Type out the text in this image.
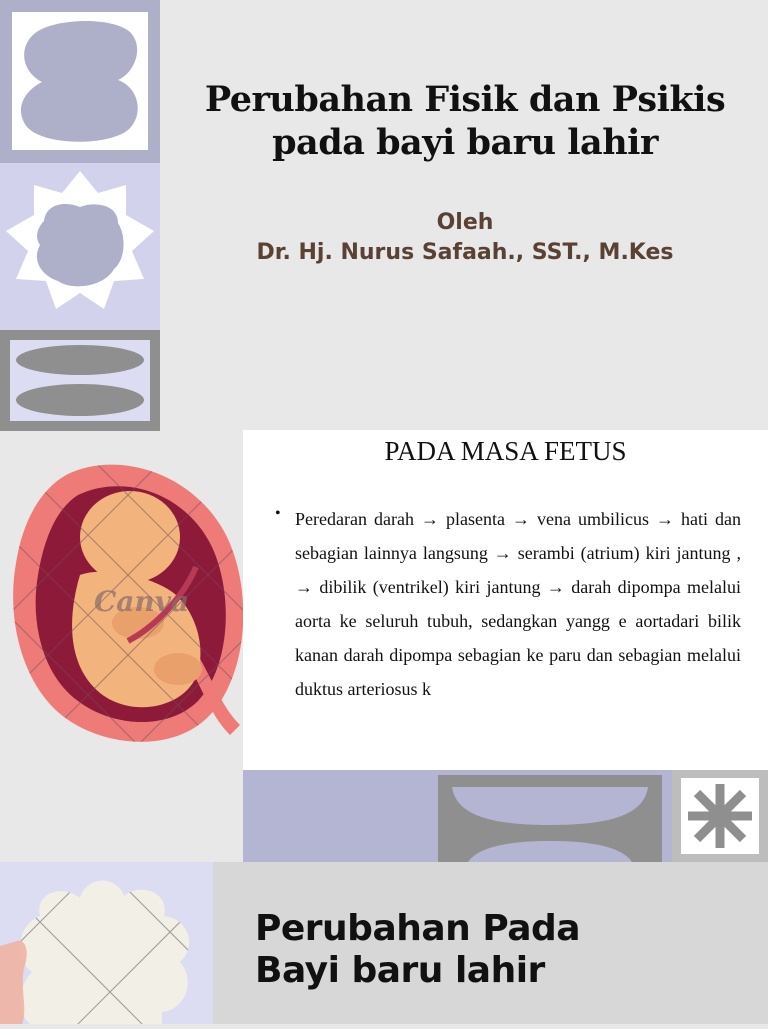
Perubahan Fisik dan Psikis
pada bayi baru lahir
Oleh
Dr. Hj. Nurus Safaah., SST., M.Kes
Canva
PADA MASA FETUS
• Peredaran darah → plasenta → vena umbilicus → hati dan sebagian lainnya langsung → serambi (atrium) kiri jantung , → dibilik (ventrikel) kiri jantung → darah dipompa melalui aorta ke seluruh tubuh, sedangkan yangg e aortadari bilik kanan darah dipompa sebagian ke paru dan sebagian melalui duktus arteriosus k
Perubahan Pada
Bayi baru lahir
